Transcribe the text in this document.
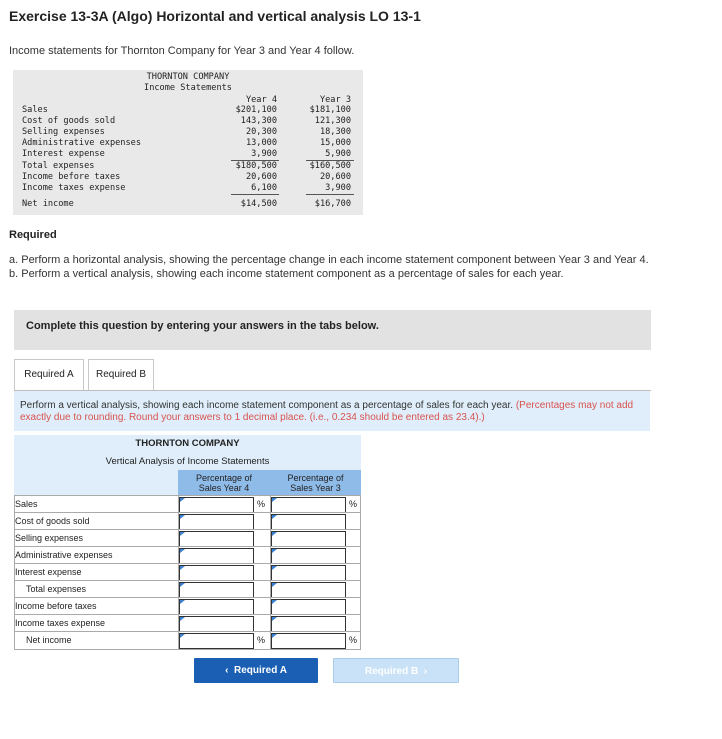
Exercise 13-3A (Algo) Horizontal and vertical analysis LO 13-1
Income statements for Thornton Company for Year 3 and Year 4 follow.
THORNTON COMPANY
Income Statements
Year 4	Year 3
Sales	$201,100	$181,100
Cost of goods sold	143,300	121,300
Selling expenses	20,300	18,300
Administrative expenses	13,000	15,000
Interest expense	3,900	5,900
Total expenses	$180,500	$160,500
Income before taxes	20,600	20,600
Income taxes expense	6,100	3,900
Net income	$14,500	$16,700
Required
a. Perform a horizontal analysis, showing the percentage change in each income statement component between Year 3 and Year 4.
b. Perform a vertical analysis, showing each income statement component as a percentage of sales for each year.
Complete this question by entering your answers in the tabs below.
Required A	Required B
Perform a vertical analysis, showing each income statement component as a percentage of sales for each year. (Percentages may not add exactly due to rounding. Round your answers to 1 decimal place. (i.e., 0.234 should be entered as 23.4).)
THORNTON COMPANY
Vertical Analysis of Income Statements
Percentage of
Sales Year 4
Percentage of
Sales Year 3
Sales	%	%
Cost of goods sold
Selling expenses
Administrative expenses
Interest expense
Total expenses
Income before taxes
Income taxes expense
Net income	%	%
‹ Required A	Required B ›
